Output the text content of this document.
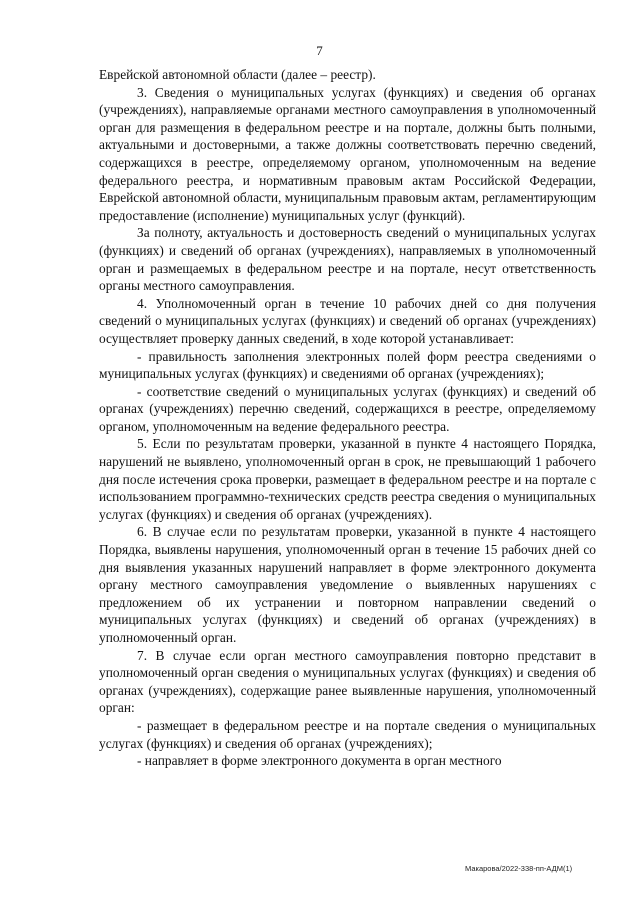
7

Еврейской автономной области (далее – реестр).

3. Сведения о муниципальных услугах (функциях) и сведения об органах (учреждениях), направляемые органами местного самоуправления в уполномоченный орган для размещения в федеральном реестре и на портале, должны быть полными, актуальными и достоверными, а также должны соответствовать перечню сведений, содержащихся в реестре, определяемому органом, уполномоченным на ведение федерального реестра, и нормативным правовым актам Российской Федерации, Еврейской автономной области, муниципальным правовым актам, регламентирующим предоставление (исполнение) муниципальных услуг (функций).

За полноту, актуальность и достоверность сведений о муниципальных услугах (функциях) и сведений об органах (учреждениях), направляемых в уполномоченный орган и размещаемых в федеральном реестре и на портале, несут ответственность органы местного самоуправления.

4. Уполномоченный орган в течение 10 рабочих дней со дня получения сведений о муниципальных услугах (функциях) и сведений об органах (учреждениях) осуществляет проверку данных сведений, в ходе которой устанавливает:

- правильность заполнения электронных полей форм реестра сведениями о муниципальных услугах (функциях) и сведениями об органах (учреждениях);

- соответствие сведений о муниципальных услугах (функциях) и сведений об органах (учреждениях) перечню сведений, содержащихся в реестре, определяемому органом, уполномоченным на ведение федерального реестра.

5. Если по результатам проверки, указанной в пункте 4 настоящего Порядка, нарушений не выявлено, уполномоченный орган в срок, не превышающий 1 рабочего дня после истечения срока проверки, размещает в федеральном реестре и на портале с использованием программно-технических средств реестра сведения о муниципальных услугах (функциях) и сведения об органах (учреждениях).

6. В случае если по результатам проверки, указанной в пункте 4 настоящего Порядка, выявлены нарушения, уполномоченный орган в течение 15 рабочих дней со дня выявления указанных нарушений направляет в форме электронного документа органу местного самоуправления уведомление о выявленных нарушениях с предложением об их устранении и повторном направлении сведений о муниципальных услугах (функциях) и сведений об органах (учреждениях) в уполномоченный орган.

7. В случае если орган местного самоуправления повторно представит в уполномоченный орган сведения о муниципальных услугах (функциях) и сведения об органах (учреждениях), содержащие ранее выявленные нарушения, уполномоченный орган:

- размещает в федеральном реестре и на портале сведения о муниципальных услугах (функциях) и сведения об органах (учреждениях);

- направляет в форме электронного документа в орган местного

Макарова/2022-338-пп-АДМ(1)
